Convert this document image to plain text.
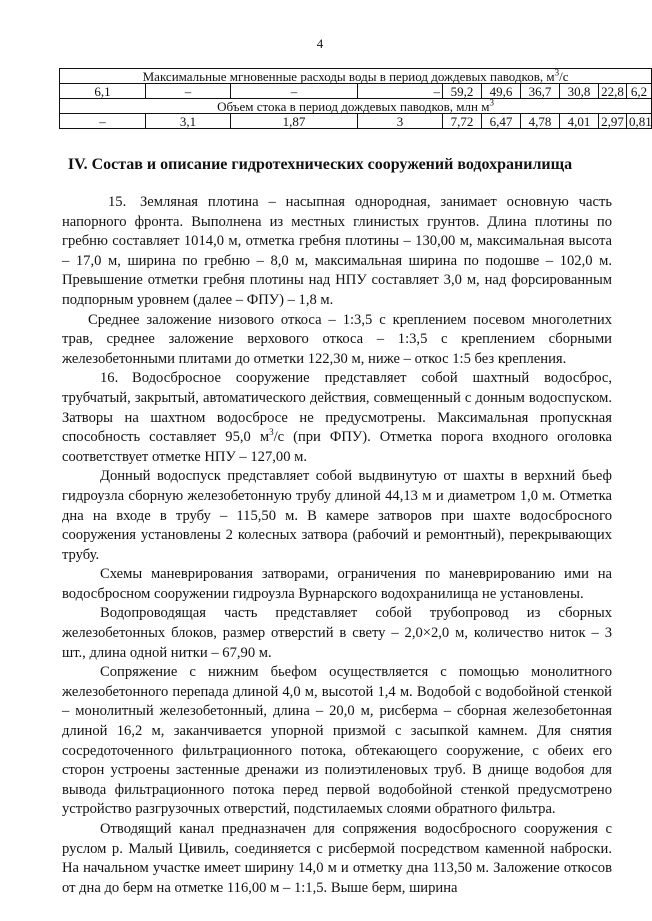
4
Максимальные мгновенные расходы воды в период дождевых паводков, $м^3/с$									
6,1	–	–	–	59,2	49,6	36,7	30,8	22,8	6,2
Объем стока в период дождевых паводков, млн $м^3$
–	3,1	1,87	3	7,72	6,47	4,78	4,01	2,97	0,81
IV. Состав и описание гидротехнических сооружений водохранилища

15. Земляная плотина – насыпная однородная, занимает основную часть напорного фронта. Выполнена из местных глинистых грунтов. Длина плотины по гребню составляет 1014,0 м, отметка гребня плотины – 130,00 м, максимальная высота – 17,0 м, ширина по гребню – 8,0 м, максимальная ширина по подошве – 102,0 м. Превышение отметки гребня плотины над НПУ составляет 3,0 м, над форсированным подпорным уровнем (далее – ФПУ) – 1,8 м.

Среднее заложение низового откоса – 1:3,5 с креплением посевом многолетних трав, среднее заложение верхового откоса – 1:3,5 с креплением сборными железобетонными плитами до отметки 122,30 м, ниже – откос 1:5 без крепления.

16. Водосбросное сооружение представляет собой шахтный водосброс, трубчатый, закрытый, автоматического действия, совмещенный с донным водоспуском. Затворы на шахтном водосбросе не предусмотрены. Максимальная пропускная способность составляет 95,0 $м^3/с$ (при ФПУ). Отметка порога входного оголовка соответствует отметке НПУ – 127,00 м.

Донный водоспуск представляет собой выдвинутую от шахты в верхний бьеф гидроузла сборную железобетонную трубу длиной 44,13 м и диаметром 1,0 м. Отметка дна на входе в трубу – 115,50 м. В камере затворов при шахте водосбросного сооружения установлены 2 колесных затвора (рабочий и ремонтный), перекрывающих трубу.

Схемы маневрирования затворами, ограничения по маневрированию ими на водосбросном сооружении гидроузла Вурнарского водохранилища не установлены.

Водопроводящая часть представляет собой трубопровод из сборных железобетонных блоков, размер отверстий в свету – 2,0×2,0 м, количество ниток – 3 шт., длина одной нитки – 67,90 м.

Сопряжение с нижним бьефом осуществляется с помощью монолитного железобетонного перепада длиной 4,0 м, высотой 1,4 м. Водобой с водобойной стенкой – монолитный железобетонный, длина – 20,0 м, рисберма – сборная железобетонная длиной 16,2 м, заканчивается упорной призмой с засыпкой камнем. Для снятия сосредоточенного фильтрационного потока, обтекающего сооружение, с обеих его сторон устроены застенные дренажи из полиэтиленовых труб. В днище водобоя для вывода фильтрационного потока перед первой водобойной стенкой предусмотрено устройство разгрузочных отверстий, подстилаемых слоями обратного фильтра.

Отводящий канал предназначен для сопряжения водосбросного сооружения с руслом р. Малый Цивиль, соединяется с рисбермой посредством каменной наброски. На начальном участке имеет ширину 14,0 м и отметку дна 113,50 м. Заложение откосов от дна до берм на отметке 116,00 м – 1:1,5. Выше берм, ширина
